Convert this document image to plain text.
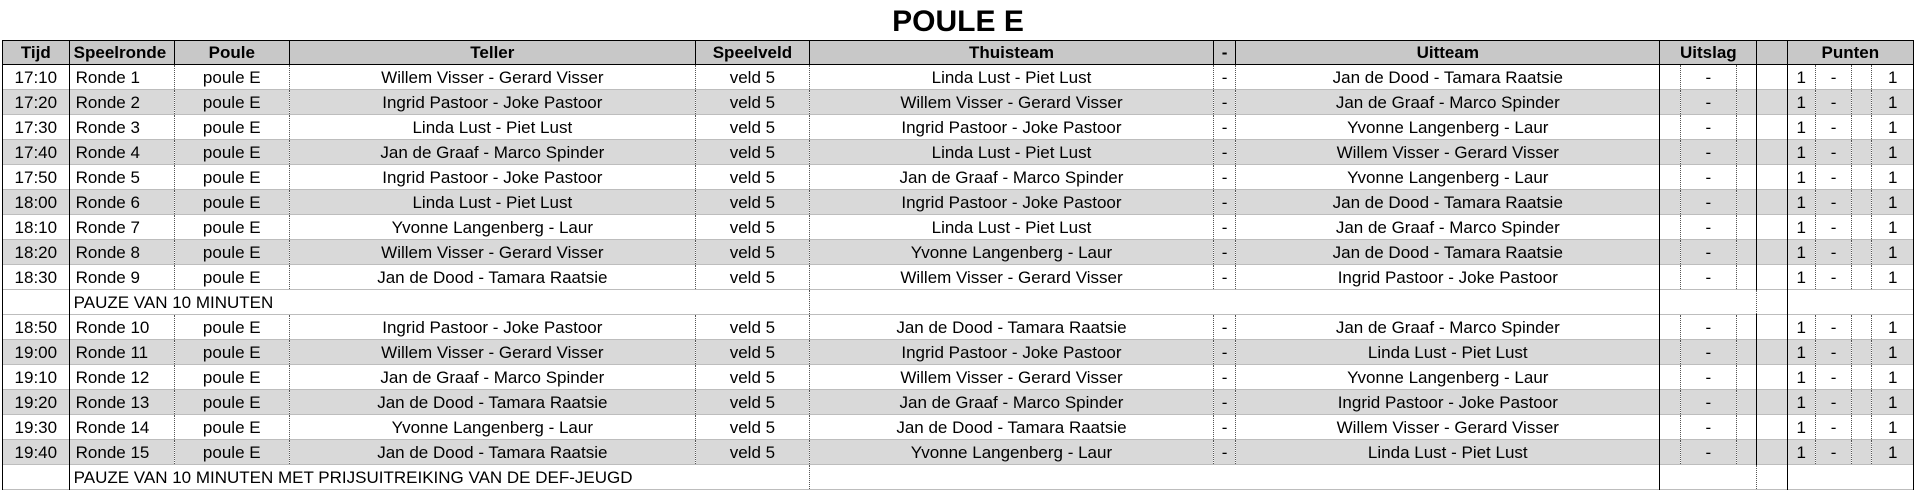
POULE E
Tijd	Speelronde	Poule	Teller	Speelveld	Thuisteam	-	Uitteam	Uitslag				Punten			
17:10	Ronde 1	poule E	Willem Visser - Gerard Visser	veld 5	Linda Lust - Piet Lust	-	Jan de Dood - Tamara Raatsie		-			1	-		1
17:20	Ronde 2	poule E	Ingrid Pastoor - Joke Pastoor	veld 5	Willem Visser - Gerard Visser	-	Jan de Graaf - Marco Spinder		-			1	-		1
17:30	Ronde 3	poule E	Linda Lust - Piet Lust	veld 5	Ingrid Pastoor - Joke Pastoor	-	Yvonne Langenberg - Laur		-			1	-		1
17:40	Ronde 4	poule E	Jan de Graaf - Marco Spinder	veld 5	Linda Lust - Piet Lust	-	Willem Visser - Gerard Visser		-			1	-		1
17:50	Ronde 5	poule E	Ingrid Pastoor - Joke Pastoor	veld 5	Jan de Graaf - Marco Spinder	-	Yvonne Langenberg - Laur		-			1	-		1
18:00	Ronde 6	poule E	Linda Lust - Piet Lust	veld 5	Ingrid Pastoor - Joke Pastoor	-	Jan de Dood - Tamara Raatsie		-			1	-		1
18:10	Ronde 7	poule E	Yvonne Langenberg - Laur	veld 5	Linda Lust - Piet Lust	-	Jan de Graaf - Marco Spinder		-			1	-		1
18:20	Ronde 8	poule E	Willem Visser - Gerard Visser	veld 5	Yvonne Langenberg - Laur	-	Jan de Dood - Tamara Raatsie		-			1	-		1
18:30	Ronde 9	poule E	Jan de Dood - Tamara Raatsie	veld 5	Willem Visser - Gerard Visser	-	Ingrid Pastoor - Joke Pastoor		-			1	-		1
	PAUZE VAN 10 MINUTEN														
18:50	Ronde 10	poule E	Ingrid Pastoor - Joke Pastoor	veld 5	Jan de Dood - Tamara Raatsie	-	Jan de Graaf - Marco Spinder		-			1	-		1
19:00	Ronde 11	poule E	Willem Visser - Gerard Visser	veld 5	Ingrid Pastoor - Joke Pastoor	-	Linda Lust - Piet Lust		-			1	-		1
19:10	Ronde 12	poule E	Jan de Graaf - Marco Spinder	veld 5	Willem Visser - Gerard Visser	-	Yvonne Langenberg - Laur		-			1	-		1
19:20	Ronde 13	poule E	Jan de Dood - Tamara Raatsie	veld 5	Jan de Graaf - Marco Spinder	-	Ingrid Pastoor - Joke Pastoor		-			1	-		1
19:30	Ronde 14	poule E	Yvonne Langenberg - Laur	veld 5	Jan de Dood - Tamara Raatsie	-	Willem Visser - Gerard Visser		-			1	-		1
19:40	Ronde 15	poule E	Jan de Dood - Tamara Raatsie	veld 5	Yvonne Langenberg - Laur	-	Linda Lust - Piet Lust		-			1	-		1
	PAUZE VAN 10 MINUTEN MET PRIJSUITREIKING VAN DE DEF-JEUGD														
